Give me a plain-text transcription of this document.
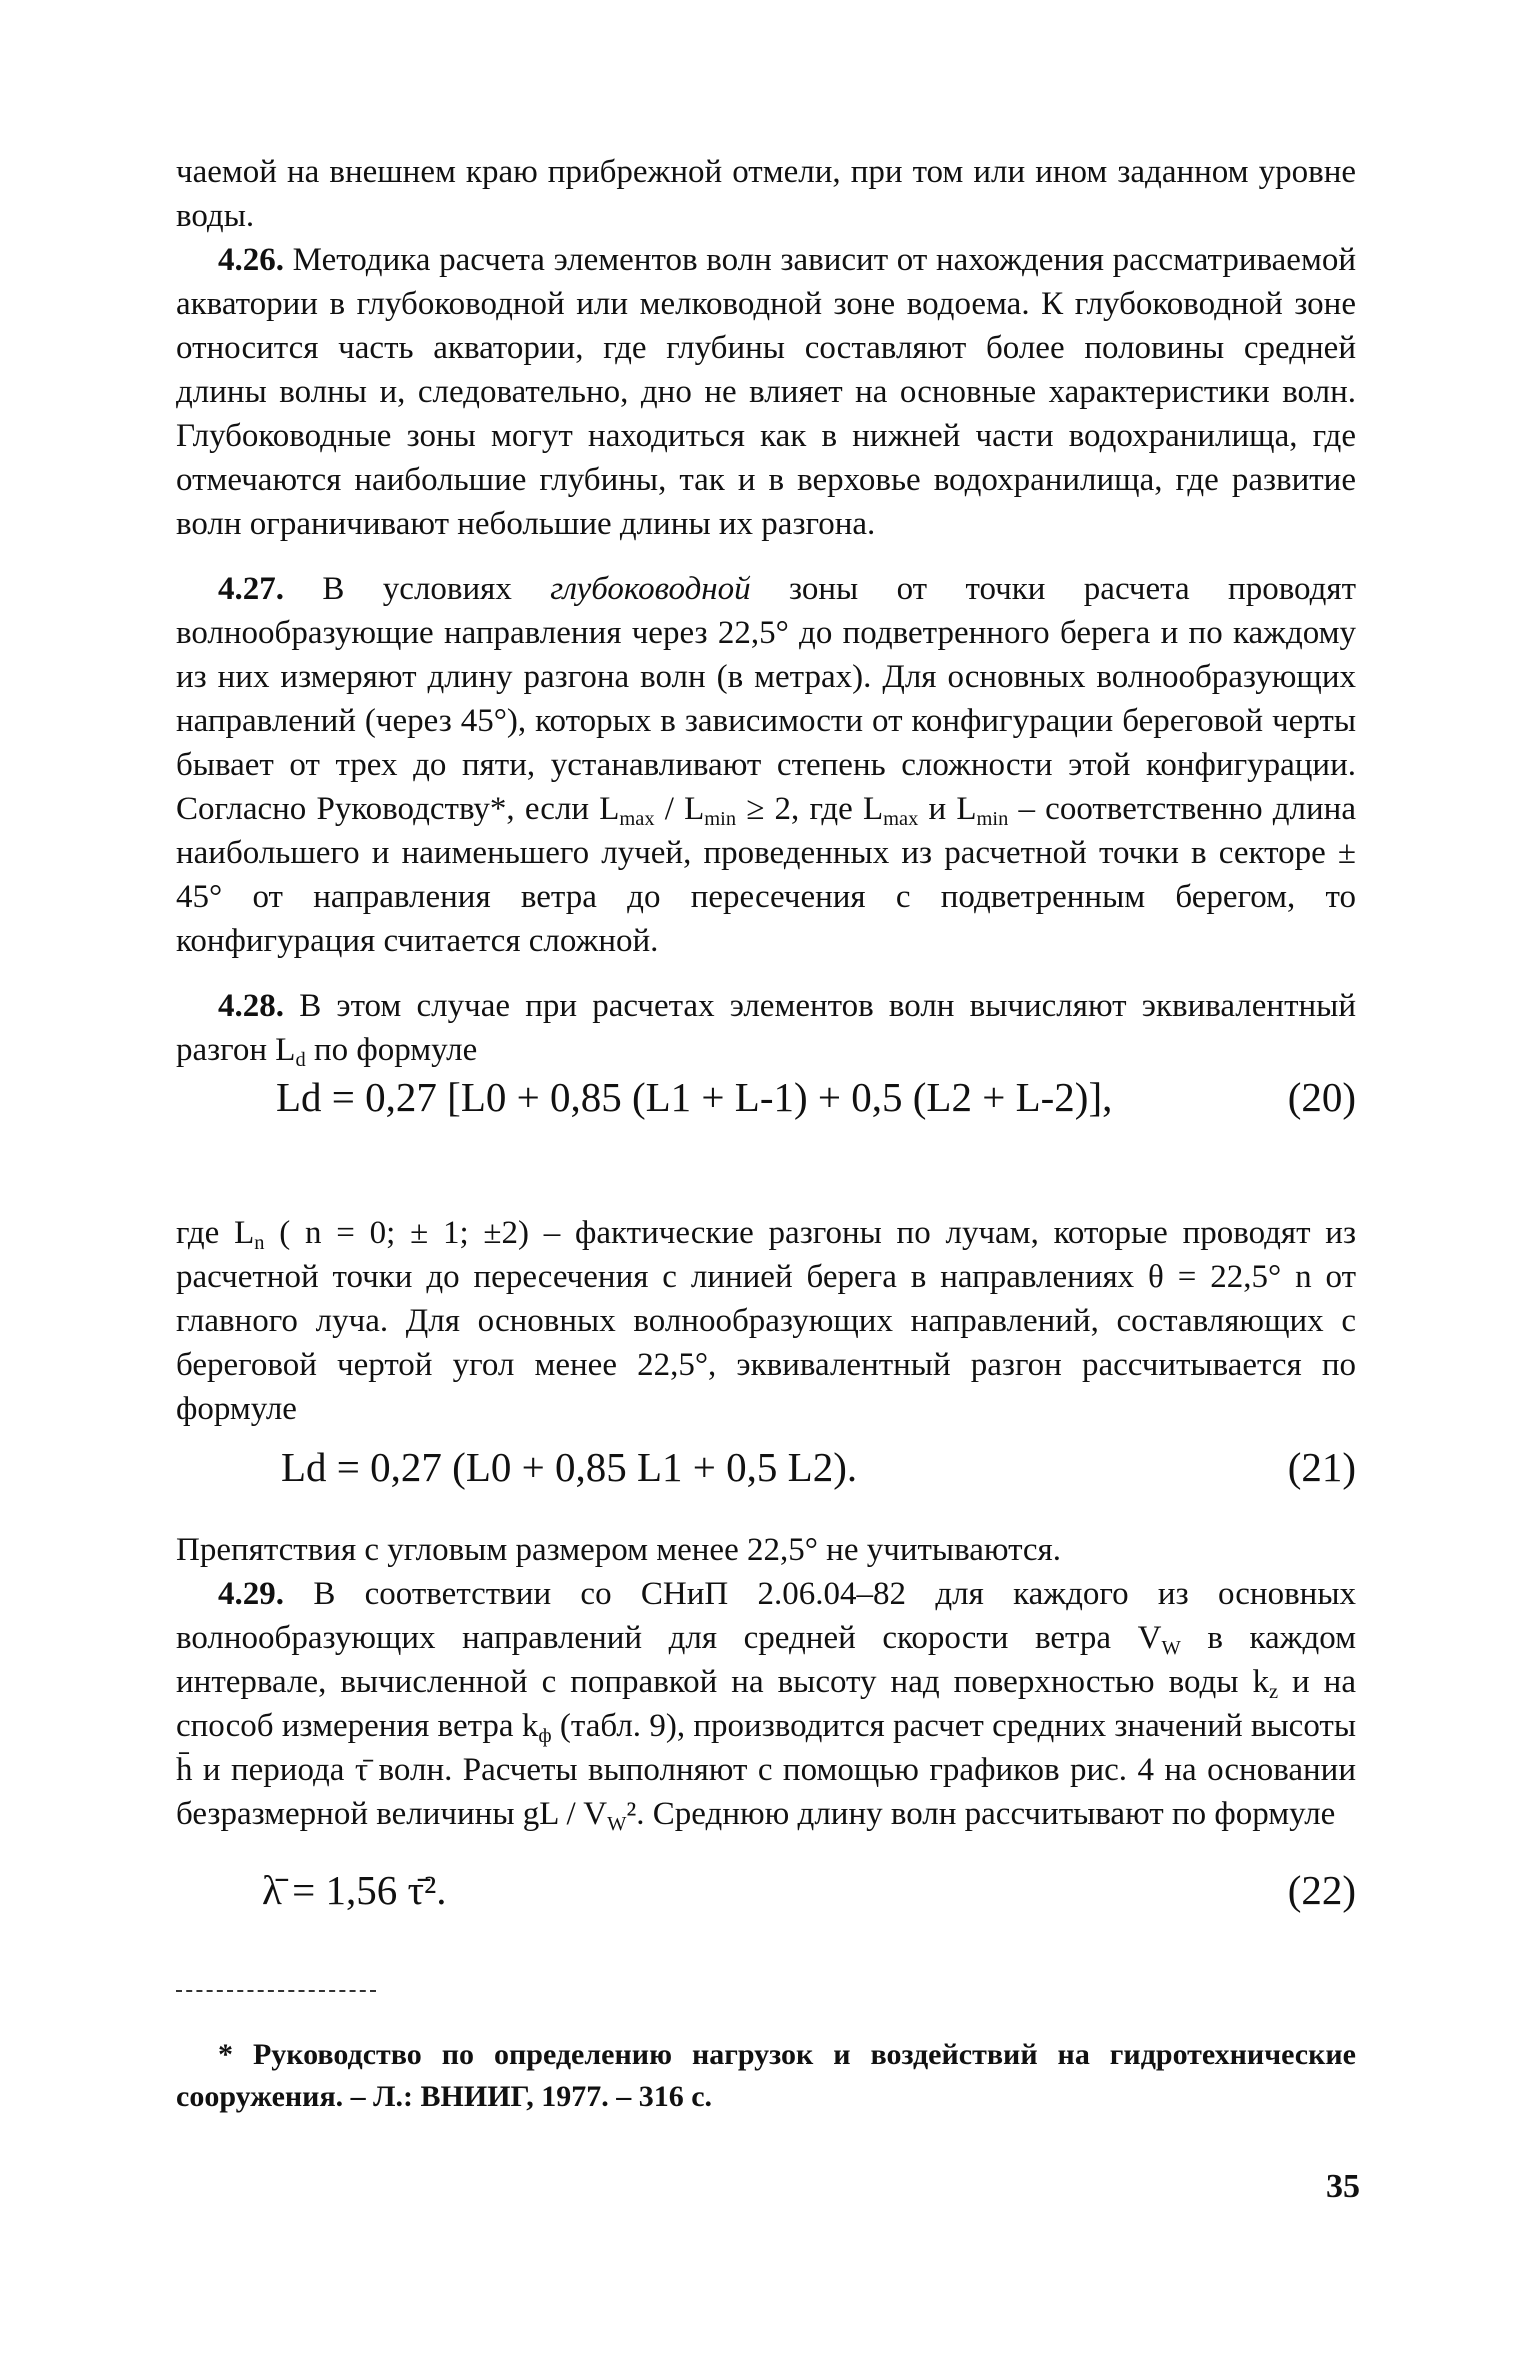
чаемой на внешнем краю прибрежной отмели, при том или ином заданном уровне воды.

4.26. Методика расчета элементов волн зависит от нахождения рассматриваемой акватории в глубоководной или мелководной зоне водоема. К глубоководной зоне относится часть акватории, где глубины составляют более половины средней длины волны и, следовательно, дно не влияет на основные характеристики волн. Глубоководные зоны могут находиться как в нижней части водохранилища, где отмечаются наибольшие глубины, так и в верховье водохранилища, где развитие волн ограничивают небольшие длины их разгона.

4.27. В условиях глубоководной зоны от точки расчета проводят волнообразующие направления через 22,5° до подветренного берега и по каждому из них измеряют длину разгона волн (в метрах). Для основных волнообразующих направлений (через 45°), которых в зависимости от конфигурации береговой черты бывает от трех до пяти, устанавливают степень сложности этой конфигурации. Согласно Руководству*, если $L_{max} / L_{min} \ge 2$, где $L_{max}$ и $L_{min}$ – соответственно длина наибольшего и наименьшего лучей, проведенных из расчетной точки в секторе ± 45° от направления ветра до пересечения с подветренным берегом, то конфигурация считается сложной.

4.28. В этом случае при расчетах элементов волн вычисляют эквивалентный разгон $L_d$ по формуле

Ld = 0,27 [L0 + 0,85 (L1 + L-1) + 0,5 (L2 + L-2)],	(20)

где $L_n$ ( n = 0; ± 1; ±2) – фактические разгоны по лучам, которые проводят из расчетной точки до пересечения с линией берега в направлениях θ = 22,5° n от главного луча. Для основных волнообразующих направлений, составляющих с береговой чертой угол менее 22,5°, эквивалентный разгон рассчитывается по формуле

Ld = 0,27 (L0 + 0,85 L1 + 0,5 L2).	(21)

Препятствия с угловым размером менее 22,5° не учитываются.

4.29. В соответствии со СНиП 2.06.04–82 для каждого из основных волнообразующих направлений для средней скорости ветра $V_W$ в каждом интервале, вычисленной с поправкой на высоту над поверхностью воды $k_z$ и на способ измерения ветра $k_ф$ (табл. 9), производится расчет средних значений высоты h̄ и периода τ̄ волн. Расчеты выполняют с помощью графиков рис. 4 на основании безразмерной величины gL / $V_W^2$. Среднюю длину волн рассчитывают по формуле

λ̄ = 1,56 τ̄².	(22)
* Руководство по определению нагрузок и воздействий на гидротехнические сооружения. – Л.: ВНИИГ, 1977. – 316 с.
35
